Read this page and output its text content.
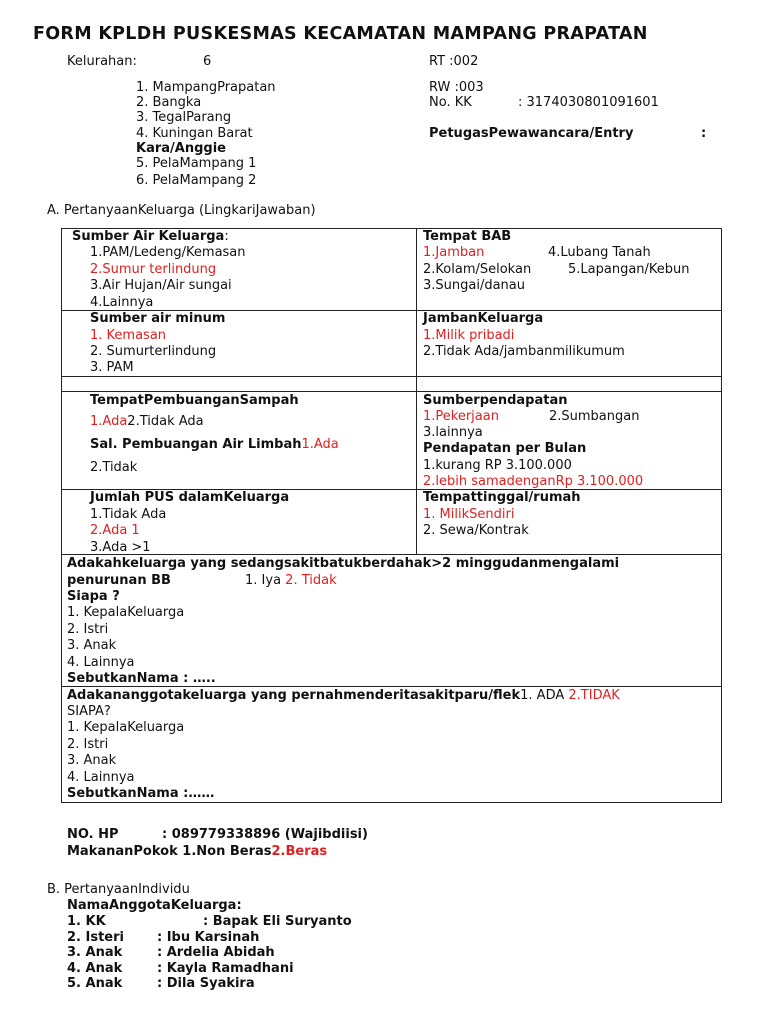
FORM KPLDH PUSKESMAS KECAMATAN MAMPANG PRAPATAN
Kelurahan:	6
1. MampangPrapatan
2. Bangka
3. TegalParang
4. Kuningan Barat
Kara/Anggie
5. PelaMampang 1
6. PelaMampang 2
RT :002
RW :003
No. KK	: 3174030801091601
PetugasPewawancara/Entry	:
A. PertanyaanKeluarga (LingkariJawaban)
Sumber Air Keluarga:
1.PAM/Ledeng/Kemasan
2.Sumur terlindung
3.Air Hujan/Air sungai
4.Lainnya
Tempat BAB
1.Jamban	4.Lubang Tanah
2.Kolam/Selokan	5.Lapangan/Kebun
3.Sungai/danau
Sumber air minum
1. Kemasan
2. Sumurterlindung
3. PAM
JambanKeluarga
1.Milik pribadi
2.Tidak Ada/jambanmilikumum
TempatPembuanganSampah
1.Ada2.Tidak Ada
Sal. Pembuangan Air Limbah1.Ada
2.Tidak
Sumberpendapatan
1.Pekerjaan	2.Sumbangan
3.lainnya
Pendapatan per Bulan
1.kurang RP 3.100.000
2.lebih samadenganRp 3.100.000
Jumlah PUS dalamKeluarga
1.Tidak Ada
2.Ada 1
3.Ada >1
Tempattinggal/rumah
1. MilikSendiri
2. Sewa/Kontrak
Adakahkeluarga yang sedangsakitbatukberdahak>2 minggudanmengalami
penurunan BB	1. Iya 2. Tidak
Siapa ?
1. KepalaKeluarga
2. Istri
3. Anak
4. Lainnya
SebutkanNama : …..
Adakananggotakeluarga yang pernahmenderitasakitparu/flek1. ADA 2.TIDAK
SIAPA?
1. KepalaKeluarga
2. Istri
3. Anak
4. Lainnya
SebutkanNama :……
NO. HP	: 089779338896 (Wajibdiisi)
MakananPokok 1.Non Beras2.Beras
B. PertanyaanIndividu
NamaAnggotaKeluarga:
1. KK	: Bapak Eli Suryanto
2. Isteri	: Ibu Karsinah
3. Anak	: Ardelia Abidah
4. Anak	: Kayla Ramadhani
5. Anak	: Dila Syakira
